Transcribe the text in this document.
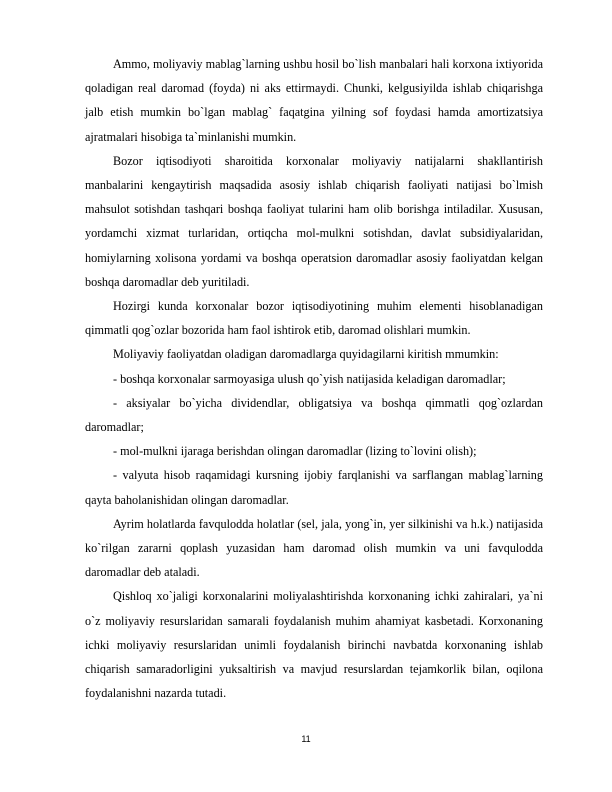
Ammo, moliyaviy mablag`larning ushbu hosil bo`lish manbalari hali korxona ixtiyorida qoladigan real daromad (foyda) ni aks ettirmaydi. Chunki, kelgusiyilda ishlab chiqarishga jalb etish mumkin bo`lgan mablag` faqatgina yilning sof foydasi hamda amortizatsiya ajratmalari hisobiga ta`minlanishi mumkin.

Bozor iqtisodiyoti sharoitida korxonalar moliyaviy natijalarni shakllantirish manbalarini kengaytirish maqsadida asosiy ishlab chiqarish faoliyati natijasi bo`lmish mahsulot sotishdan tashqari boshqa faoliyat tularini ham olib borishga intiladilar. Xususan, yordamchi xizmat turlaridan, ortiqcha mol-mulkni sotishdan, davlat subsidiyalaridan, homiylarning xolisona yordami va boshqa operatsion daromadlar asosiy faoliyatdan kelgan boshqa daromadlar deb yuritiladi.

Hozirgi kunda korxonalar bozor iqtisodiyotining muhim elementi hisoblanadigan qimmatli qog`ozlar bozorida ham faol ishtirok etib, daromad olishlari mumkin.

Moliyaviy faoliyatdan oladigan daromadlarga quyidagilarni kiritish mmumkin:

- boshqa korxonalar sarmoyasiga ulush qo`yish natijasida keladigan daromadlar;

- aksiyalar bo`yicha dividendlar, obligatsiya va boshqa qimmatli qog`ozlardan daromadlar;

- mol-mulkni ijaraga berishdan olingan daromadlar (lizing to`lovini olish);

- valyuta hisob raqamidagi kursning ijobiy farqlanishi va sarflangan mablag`larning qayta baholanishidan olingan daromadlar.

Ayrim holatlarda favqulodda holatlar (sel, jala, yong`in, yer silkinishi va h.k.) natijasida ko`rilgan zararni qoplash yuzasidan ham daromad olish mumkin va uni favqulodda daromadlar deb ataladi.

Qishloq xo`jaligi korxonalarini moliyalashtirishda korxonaning ichki zahiralari, ya`ni o`z moliyaviy resurslaridan samarali foydalanish muhim ahamiyat kasbetadi. Korxonaning ichki moliyaviy resurslaridan unimli foydalanish birinchi navbatda korxonaning ishlab chiqarish samaradorligini yuksaltirish va mavjud resurslardan tejamkorlik bilan, oqilona foydalanishni nazarda tutadi.

11
